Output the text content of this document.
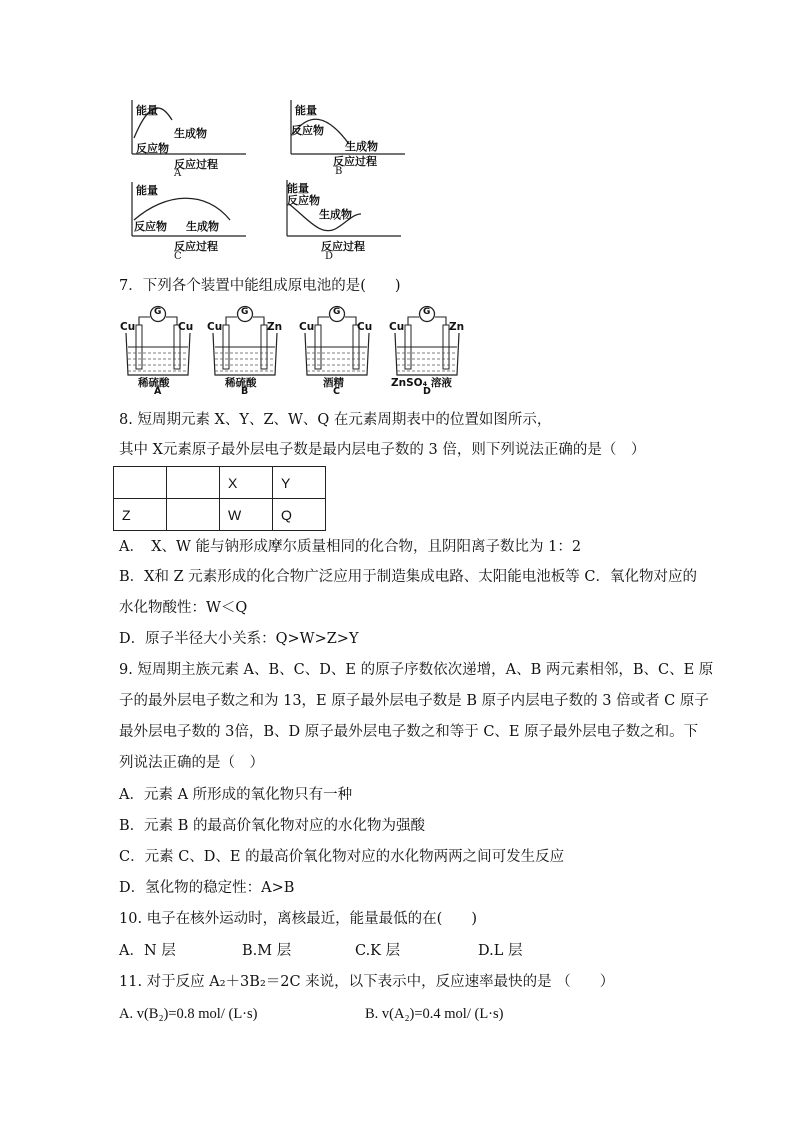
能量
生成物
反应物
反应过程
A
能量
反应物
生成物
反应过程
B
能量
反应物 生成物
反应过程
C
能量
反应物
生成物
反应过程
D
7．下列各个装置中能组成原电池的是(　　)
G
Cu	Cu
稀硫酸
A
G
Cu	Zn
稀硫酸
B
G
Cu	Cu
酒精
C
G
Cu	Zn
ZnSO₄ 溶液
D
8. 短周期元素 X、Y、Z、W、Q 在元素周期表中的位置如图所示，
其中 X元素原子最外层电子数是最内层电子数的 3 倍，则下列说法正确的是（　）
		X	Y
Z		W	Q
A．　X、W 能与钠形成摩尔质量相同的化合物，且阴阳离子数比为 1：2
B．X和 Z 元素形成的化合物广泛应用于制造集成电路、太阳能电池板等 C．氧化物对应的
水化物酸性：W＜Q
D．原子半径大小关系：Q>W>Z>Y
9. 短周期主族元素 A、B、C、D、E 的原子序数依次递增，A、B 两元素相邻，B、C、E 原
子的最外层电子数之和为 13，E 原子最外层电子数是 B 原子内层电子数的 3 倍或者 C 原子
最外层电子数的 3倍，B、D 原子最外层电子数之和等于 C、E 原子最外层电子数之和。下
列说法正确的是（　）
A．元素 A 所形成的氧化物只有一种
B．元素 B 的最高价氧化物对应的水化物为强酸
C．元素 C、D、E 的最高价氧化物对应的水化物两两之间可发生反应
D．氢化物的稳定性：A>B
10. 电子在核外运动时，离核最近，能量最低的在(　　)
A．N 层	B.M 层	C.K 层	D.L 层
11. 对于反应 A₂＋3B₂＝2C 来说，以下表示中，反应速率最快的是 （　　）
A. v(B₂)=0.8 mol/ (L·s)	B. v(A₂)=0.4 mol/ (L·s)
